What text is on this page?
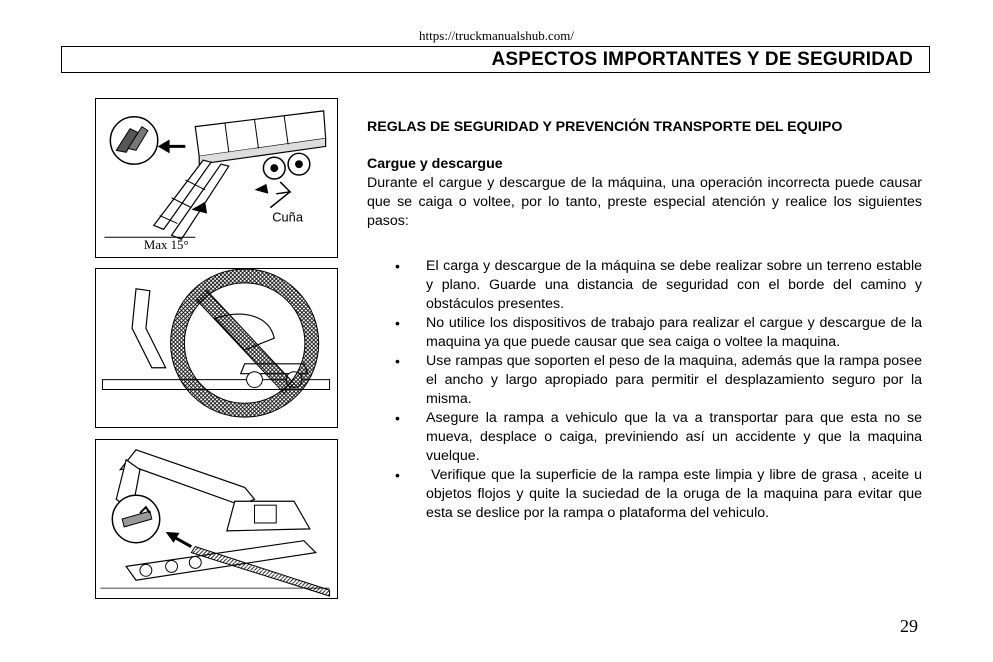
https://truckmanualshub.com/
ASPECTOS IMPORTANTES Y DE SEGURIDAD
Cuña
Max 15°

REGLAS DE SEGURIDAD Y PREVENCIÓN TRANSPORTE DEL EQUIPO

Cargue y descargue

Durante el cargue y descargue de la máquina, una operación incorrecta puede causar que se caiga o voltee, por lo tanto, preste especial atención y realice los siguientes pasos:

• El carga y descargue de la máquina se debe realizar sobre un terreno estable y plano. Guarde una distancia de seguridad con el borde del camino y obstáculos presentes.
• No utilice los dispositivos de trabajo para realizar el cargue y descargue de la maquina ya que puede causar que sea caiga o voltee la maquina.
• Use rampas que soporten el peso de la maquina, además que la rampa posee el ancho y largo apropiado para permitir el desplazamiento seguro por la misma.
• Asegure la rampa a vehiculo que la va a transportar para que esta no se mueva, desplace o caiga, previniendo así un accidente y que la maquina vuelque.
• Verifique que la superficie de la rampa este limpia y libre de grasa , aceite u objetos flojos y quite la suciedad de la oruga de la maquina para evitar que esta se deslice por la rampa o plataforma del vehiculo.
29
